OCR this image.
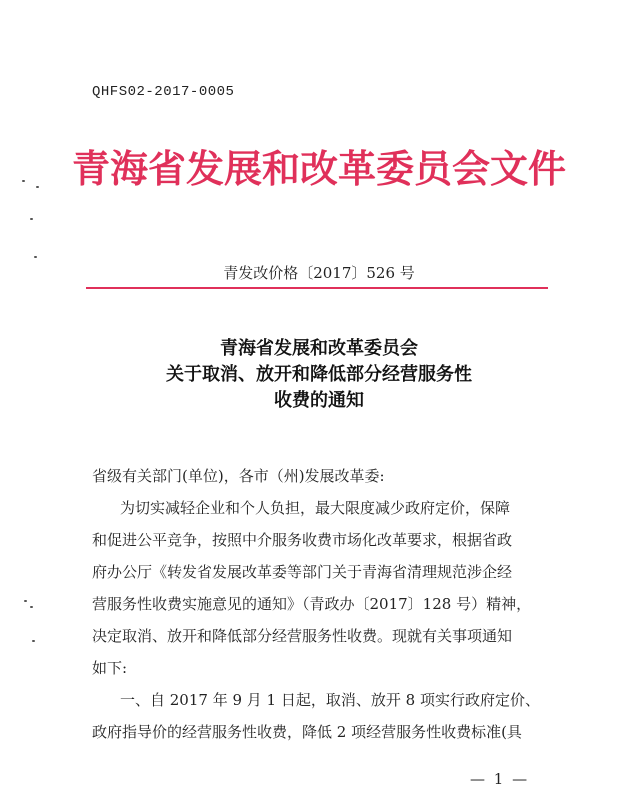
QHFS02-2017-0005
青海省发展和改革委员会文件
青发改价格〔2017〕526 号
青海省发展和改革委员会
关于取消、放开和降低部分经营服务性
收费的通知

省级有关部门(单位)，各市（州)发展改革委:

为切实减轻企业和个人负担，最大限度减少政府定价，保障

和促进公平竞争，按照中介服务收费市场化改革要求，根据省政

府办公厅《转发省发展改革委等部门关于青海省清理规范涉企经

营服务性收费实施意见的通知》（青政办〔2017〕128 号）精神，

决定取消、放开和降低部分经营服务性收费。现就有关事项通知

如下:

一、自 2017 年 9 月 1 日起，取消、放开 8 项实行政府定价、

政府指导价的经营服务性收费，降低 2 项经营服务性收费标准(具

— 1 —
